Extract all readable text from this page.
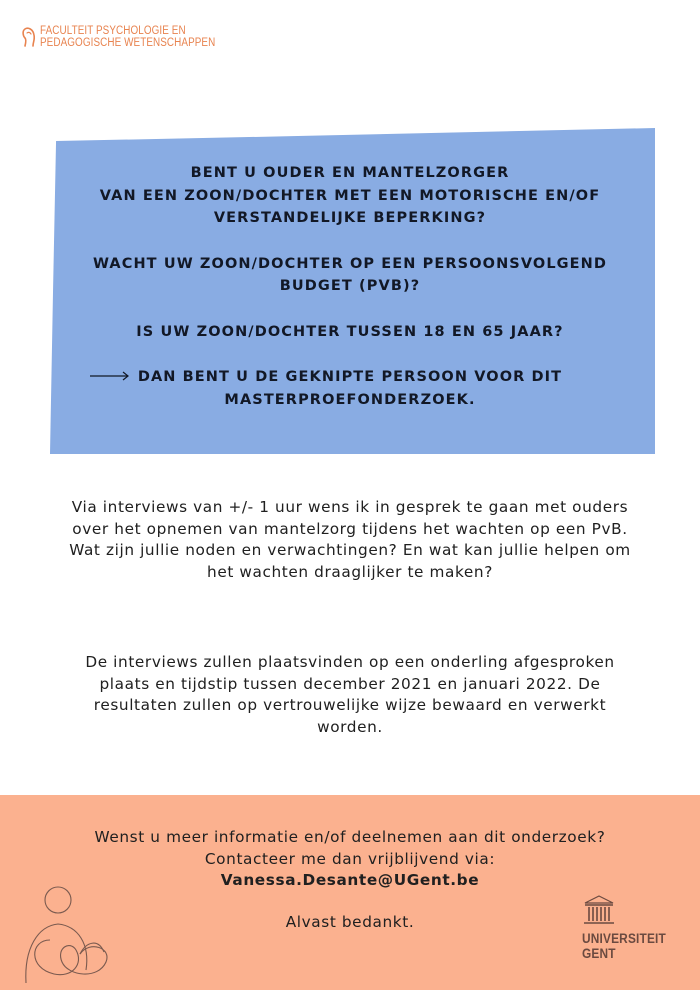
FACULTEIT PSYCHOLOGIE EN
PEDAGOGISCHE WETENSCHAPPEN

BENT U OUDER EN MANTELZORGER

VAN EEN ZOON/DOCHTER MET EEN MOTORISCHE EN/OF

VERSTANDELIJKE BEPERKING?

WACHT UW ZOON/DOCHTER OP EEN PERSOONSVOLGEND

BUDGET (PVB)?

IS UW ZOON/DOCHTER TUSSEN 18 EN 65 JAAR?

DAN BENT U DE GEKNIPTE PERSOON VOOR DIT

MASTERPROEFONDERZOEK.

Via interviews van +/- 1 uur wens ik in gesprek te gaan met ouders
over het opnemen van mantelzorg tijdens het wachten op een PvB.
Wat zijn jullie noden en verwachtingen? En wat kan jullie helpen om
het wachten draaglijker te maken?
De interviews zullen plaatsvinden op een onderling afgesproken
plaats en tijdstip tussen december 2021 en januari 2022. De
resultaten zullen op vertrouwelijke wijze bewaard en verwerkt
worden.
Wenst u meer informatie en/of deelnemen aan dit onderzoek?
Contacteer me dan vrijblijvend via:
Vanessa.Desante@UGent.be
Alvast bedankt.
UNIVERSITEIT
GENT
